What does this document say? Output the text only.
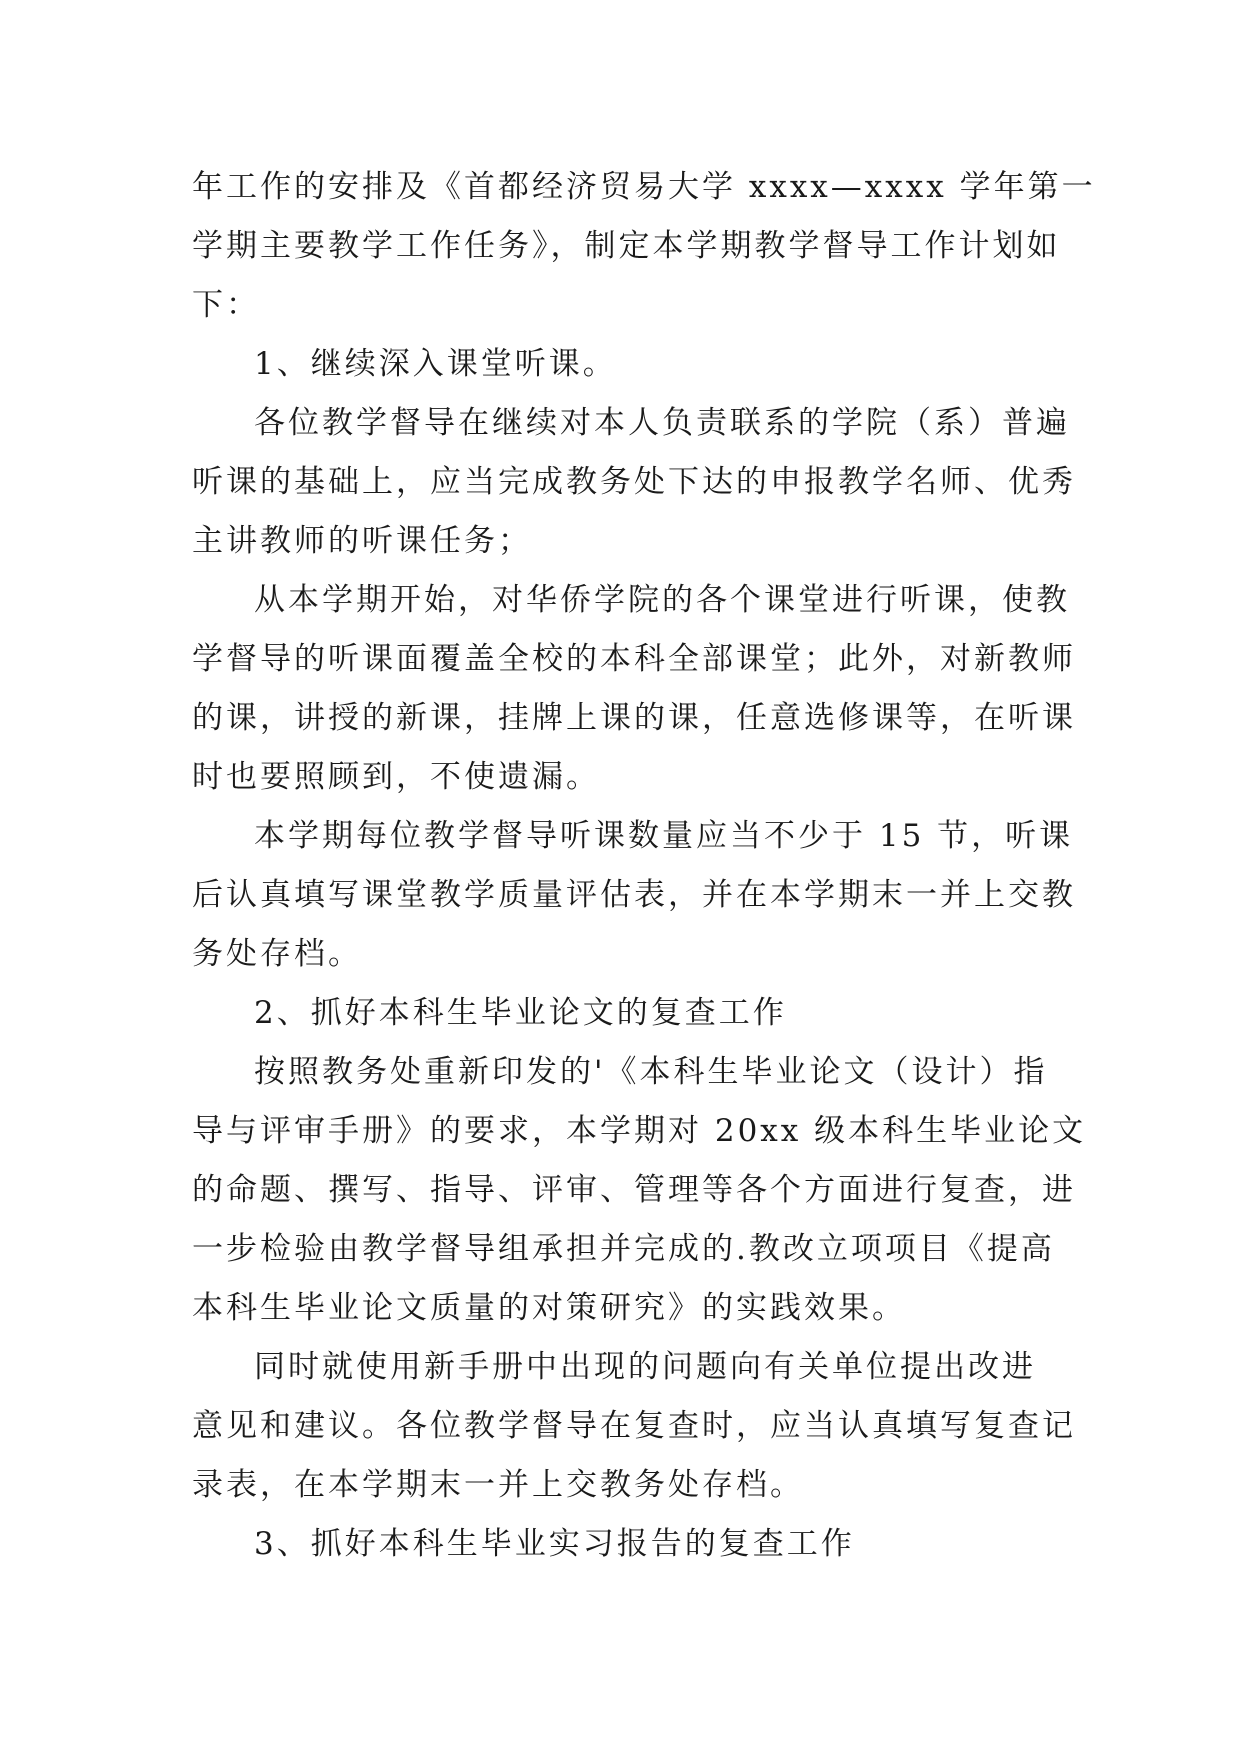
年工作的安排及《首都经济贸易大学 xxxx—xxxx 学年第一
学期主要教学工作任务》，制定本学期教学督导工作计划如
下：
1、继续深入课堂听课。
各位教学督导在继续对本人负责联系的学院（系）普遍
听课的基础上，应当完成教务处下达的申报教学名师、优秀
主讲教师的听课任务；
从本学期开始，对华侨学院的各个课堂进行听课，使教
学督导的听课面覆盖全校的本科全部课堂；此外，对新教师
的课，讲授的新课，挂牌上课的课，任意选修课等，在听课
时也要照顾到，不使遗漏。
本学期每位教学督导听课数量应当不少于 15 节，听课
后认真填写课堂教学质量评估表，并在本学期末一并上交教
务处存档。
2、抓好本科生毕业论文的复查工作
按照教务处重新印发的'《本科生毕业论文（设计）指
导与评审手册》的要求，本学期对 20xx 级本科生毕业论文
的命题、撰写、指导、评审、管理等各个方面进行复查，进
一步检验由教学督导组承担并完成的.教改立项项目《提高
本科生毕业论文质量的对策研究》的实践效果。
同时就使用新手册中出现的问题向有关单位提出改进
意见和建议。各位教学督导在复查时，应当认真填写复查记
录表，在本学期末一并上交教务处存档。
3、抓好本科生毕业实习报告的复查工作
